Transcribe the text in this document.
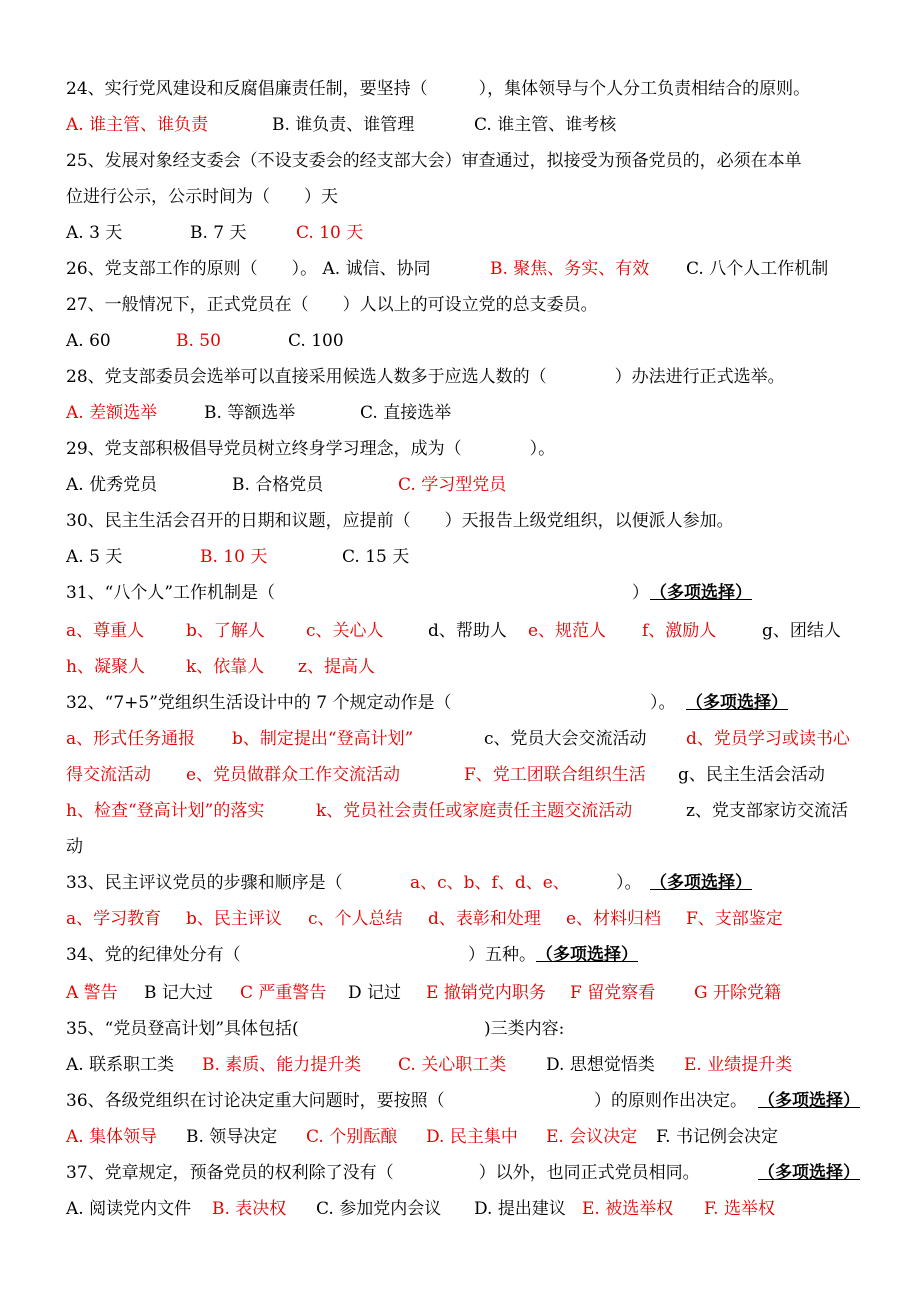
24、实行党风建设和反腐倡廉责任制，要坚持（　　　），集体领导与个人分工负责相结合的原则。
A. 谁主管、谁负责	B. 谁负责、谁管理	C. 谁主管、谁考核
25、发展对象经支委会（不设支委会的经支部大会）审查通过，拟接受为预备党员的，必须在本单
位进行公示，公示时间为（　　）天
A. 3 天	B. 7 天	C. 10 天
26、党支部工作的原则（　　）。 A. 诚信、协同	B. 聚焦、务实、有效 C. 八个人工作机制
27、一般情况下，正式党员在（　　）人以上的可设立党的总支委员。
A. 60	B. 50	C. 100
28、党支部委员会选举可以直接采用候选人数多于应选人数的（　　　　）办法进行正式选举。
A. 差额选举	B. 等额选举	C. 直接选举
29、党支部积极倡导党员树立终身学习理念，成为（　　　　）。
A. 优秀党员	B. 合格党员	C. 学习型党员
30、民主生活会召开的日期和议题，应提前（　　）天报告上级党组织，以便派人参加。
A. 5 天	B. 10 天	C. 15 天
31、“八个人”工作机制是（	） （多项选择）
a、尊重人 b、了解人 c、关心人	d、帮助人 e、规范人 f、激励人	g、团结人
h、凝聚人 k、依靠人 z、提高人
32、“7+5”党组织生活设计中的 7 个规定动作是（	）。 （多项选择）
a、形式任务通报 b、制定提出“登高计划”	c、党员大会交流活动 d、党员学习或读书心
得交流活动 e、党员做群众工作交流活动	F、党工团联合组织生活 g、民主生活会活动
h、检查“登高计划”的落实	k、党员社会责任或家庭责任主题交流活动	z、党支部家访交流活
动
33、民主评议党员的步骤和顺序是（	a、c、b、f、d、e、	）。 （多项选择）
a、学习教育 b、民主评议 c、个人总结 d、表彰和处理 e、材料归档 F、支部鉴定
34、党的纪律处分有（	）五种。 （多项选择）
A 警告 B 记大过 C 严重警告 D 记过 E 撤销党内职务 F 留党察看 G 开除党籍
35、“党员登高计划”具体包括(	)三类内容:
A. 联系职工类 B. 素质、能力提升类 C. 关心职工类 D. 思想觉悟类 E. 业绩提升类
36、各级党组织在讨论决定重大问题时，要按照（	）的原则作出决定。 （多项选择）
A. 集体领导 B. 领导决定 C. 个别酝酿 D. 民主集中 E. 会议决定 F. 书记例会决定
37、党章规定，预备党员的权利除了没有（　　　　　）以外，也同正式党员相同。	（多项选择）
A. 阅读党内文件 B. 表决权 C. 参加党内会议 D. 提出建议 E. 被选举权 F. 选举权
